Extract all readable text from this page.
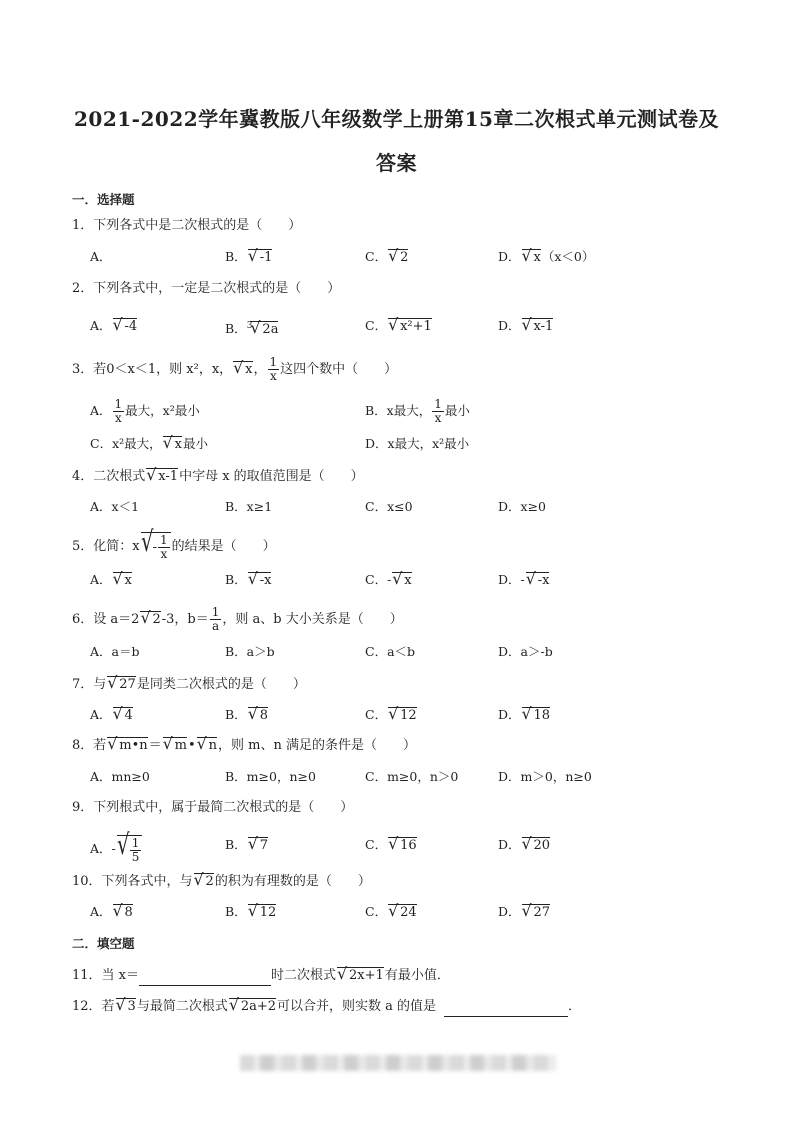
2021-2022学年冀教版八年级数学上册第15章二次根式单元测试卷及
答案
一．选择题
1．下列各式中是二次根式的是（　　）
A．	B．√ -1	C．√ 2	D．√ x（x＜0）
2．下列各式中，一定是二次根式的是（　　）
A．√ -4	B．$^3$√ 2a	C．√ x²+1	D．√ x-1
3．若0＜x＜1，则 x²，x，√ x， $\frac{1}{x}$ 这四个数中（　　）
A． $\frac{1}{x}$ 最大，x²最小	B．x最大， $\frac{1}{x}$ 最小
C．x²最大，√ x最小	D．x最大，x²最小
4．二次根式√ x-1中字母 x 的取值范围是（　　）
A．x＜1	B．x≥1	C．x≤0	D．x≥0
5．化简：$x√ - \frac{1}{x}$ 的结果是（　　）
A．√ x	B．√ -x	C．-√ x	D．-√ -x
6．设 a＝2√ 2-3，$b= \frac{1}{a}$ ，则 a、b 大小关系是（　　）
A．a＝b	B．a＞b	C．a＜b	D．a＞-b
7．与√ 27是同类二次根式的是（　　）
A．√ 4	B．√ 8	C．√ 12	D．√ 18
8．若√ m•n＝√ m•√ n，则 m、n 满足的条件是（　　）
A．mn≥0	B．m≥0，n≥0	C．m≥0，n＞0	D．m＞0，n≥0
9．下列根式中，属于最简二次根式的是（　　）
A．-
√ $\frac{1}{5}$	B．√ 7	C．√ 16	D．√ 20
10．下列各式中，与√ 2的积为有理数的是（　　）
A．√ 8	B．√ 12	C．√ 24	D．√ 27
二．填空题
11．当 x＝	时二次根式√ 2x+1有最小值．
12．若√ 3与最简二次根式√ 2a+2可以合并，则实数 a 的值是	．
